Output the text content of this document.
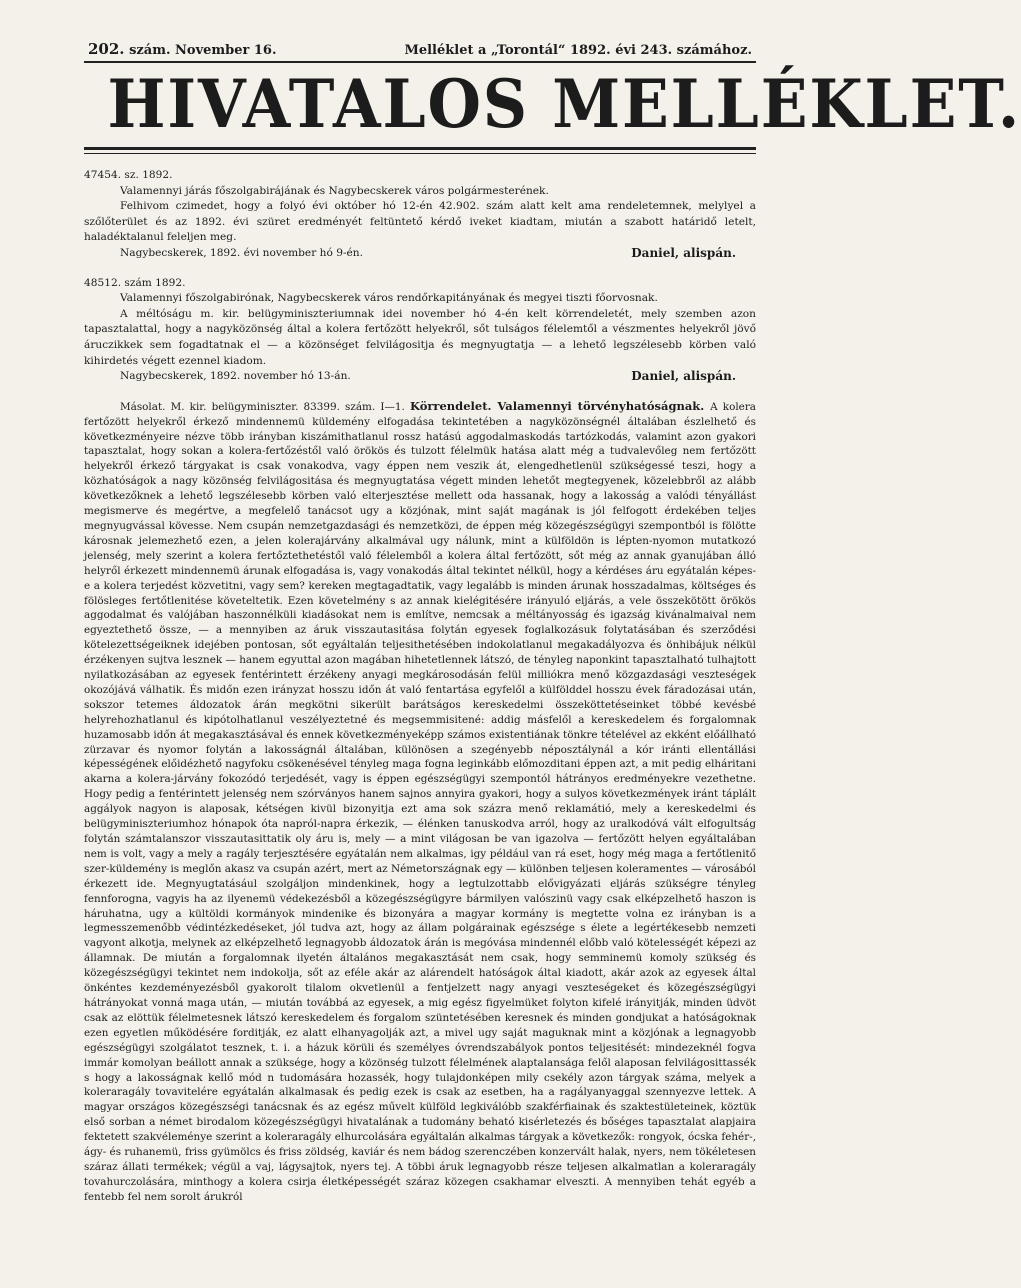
202. szám. November 16.	Melléklet a „Torontál“ 1892. évi 243. számához.
HIVATALOS MELLÉKLET.
47454. sz. 1892.
Valamennyi járás főszolgabirájának és Nagybecskerek város polgármesterének.
Felhivom czimedet, hogy a folyó évi október hó 12-én 42.902. szám alatt kelt ama rendeletemnek, melylyel a szőlőterület és az 1892. évi szüret eredményét feltüntető kérdő iveket kiadtam, miután a szabott határidő letelt, haladéktalanul feleljen meg.
Nagybecskerek, 1892. évi november hó 9-én.	Daniel, alispán.
48512. szám 1892.
Valamennyi főszolgabirónak, Nagybecskerek város rendőrkapitányának és megyei tiszti főorvosnak.
A méltóságu m. kir. belügyminiszteriumnak idei november hó 4-én kelt körrendeletét, mely szemben azon tapasztalattal, hogy a nagyközönség által a kolera fertőzött helyekről, sőt tulságos félelemtől a vészmentes helyekről jövő áruczikkek sem fogadtatnak el — a közönséget felvilágositja és megnyugtatja — a lehető legszélesebb körben való kihirdetés végett ezennel kiadom.
Nagybecskerek, 1892. november hó 13-án.	Daniel, alispán.
Másolat. M. kir. belügyminiszter. 83399. szám. I—1. Körrendelet. Valamennyi törvényhatóságnak. A kolera fertőzött helyekről érkező mindennemü küldemény elfogadása tekintetében a nagyközönségnél általában észlelhető és következményeire nézve több irányban kiszámithatlanul rossz hatású aggodalmaskodás tartózkodás, valamint azon gyakori tapasztalat, hogy sokan a kolera-fertőzéstől való örökös és tulzott félelmük hatása alatt még a tudvalevőleg nem fertőzött helyekről érkező tárgyakat is csak vonakodva, vagy éppen nem veszik át, elengedhetlenül szükségessé teszi, hogy a közhatóságok a nagy közönség felvilágositása és megnyugtatása végett minden lehetőt megtegyenek, közelebbről az alább következőknek a lehető legszélesebb körben való elterjesztése mellett oda hassanak, hogy a lakosság a valódi tényállást megismerve és megértve, a megfelelő tanácsot ugy a közjónak, mint saját magának is jól felfogott érdekében teljes megnyugvással kövesse. Nem csupán nemzetgazdasági és nemzetközi, de éppen még közegészségügyi szempontból is fölötte károsnak jelemezhető ezen, a jelen kolerajárvány alkalmával ugy nálunk, mint a külföldön is lépten-nyomon mutatkozó jelenség, mely szerint a kolera fertőztethetéstől való félelemből a kolera által fertőzött, sőt még az annak gyanujában álló helyről érkezett mindennemü árunak elfogadása is, vagy vonakodás által tekintet nélkül, hogy a kérdéses áru egyátalán képes-e a kolera terjedést közvetitni, vagy sem? kereken megtagadtatik, vagy legalább is minden árunak hosszadalmas, költséges és fölösleges fertőtlenitése követeltetik. Ezen követelmény s az annak kielégitésére irányuló eljárás, a vele összekötött örökös aggodalmat és valójában haszonnélküli kiadásokat nem is említve, nemcsak a méltányosság és igazság kivánalmaival nem egyeztethető össze, — a mennyiben az áruk visszautasitása folytán egyesek foglalkozásuk folytatásában és szerződési kötelezettségeiknek idejében pontosan, sőt egyáltalán teljesithetésében indokolatlanul megakadályozva és önhibájuk nélkül érzékenyen sujtva lesznek — hanem egyuttal azon magában hihetetlennek látszó, de tényleg naponkint tapasztalható tulhajtott nyilatkozásában az egyesek fentérintett érzékeny anyagi megkárosodásán felül milliókra menő közgazdasági veszteségek okozójává válhatik. És midőn ezen irányzat hosszu időn át való fentartása egyfelől a külfölddel hosszu évek fáradozásai után, sokszor tetemes áldozatok árán megkötni sikerült barátságos kereskedelmi összeköttetéseinket többé kevésbé helyrehozhatlanul és kipótolhatlanul veszélyeztetné és megsemmisitené: addig másfelől a kereskedelem és forgalomnak huzamosabb időn át megakasztásával és ennek következményeképp számos existentiának tönkre tételével az ekként előállható zürzavar és nyomor folytán a lakosságnál általában, különösen a szegényebb néposztálynál a kór iránti ellentállási képességének előidézhető nagyfoku csökenésével tényleg maga fogna leginkább előmozditani éppen azt, a mit pedig elháritani akarna a kolera-járvány fokozódó terjedését, vagy is éppen egészségügyi szempontól hátrányos eredményekre vezethetne. Hogy pedig a fentérintett jelenség nem szórványos hanem sajnos annyira gyakori, hogy a sulyos következmények iránt táplált aggályok nagyon is alaposak, kétségen kivül bizonyitja ezt ama sok százra menő reklamátió, mely a kereskedelmi és belügyminiszteriumhoz hónapok óta napról-napra érkezik, — élénken tanuskodva arról, hogy az uralkodóvá vált elfogultság folytán számtalanszor visszautasittatik oly áru is, mely — a mint világosan be van igazolva — fertőzött helyen egyáltalában nem is volt, vagy a mely a ragály terjesztésére egyátalán nem alkalmas, igy például van rá eset, hogy még maga a fertőtlenitő szer-küldemény is meglőn akasz va csupán azért, mert az Németországnak egy — különben teljesen koleramentes — városából érkezett ide. Megnyugtatásául szolgáljon mindenkinek, hogy a legtulzottabb elővigyázati eljárás szükségre tényleg fennforogna, vagyis ha az ilyenemü védekezésből a közegészségügyre bármilyen valószinü vagy csak elképzelhető haszon is háruhatna, ugy a kültöldi kormányok mindenike és bizonyára a magyar kormány is megtette volna ez irányban is a legmesszemenőbb védintézkedéseket, jól tudva azt, hogy az állam polgárainak egészsége s élete a legértékesebb nemzeti vagyont alkotja, melynek az elképzelhető legnagyobb áldozatok árán is megóvása mindennél előbb való kötelességét képezi az államnak. De miután a forgalomnak ilyetén általános megakasztását nem csak, hogy semminemü komoly szükség és közegészségügyi tekintet nem indokolja, sőt az eféle akár az alárendelt hatóságok által kiadott, akár azok az egyesek által önkéntes kezdeményezésből gyakorolt tilalom okvetlenül a fentjelzett nagy anyagi veszteségeket és közegészségügyi hátrányokat vonná maga után, — miután továbbá az egyesek, a mig egész figyelmüket folyton kifelé irányitják, minden üdvöt csak az elöttük félelmetesnek látszó kereskedelem és forgalom szüntetésében keresnek és minden gondjukat a hatóságoknak ezen egyetlen működésére forditják, ez alatt elhanyagolják azt, a mivel ugy saját maguknak mint a közjónak a legnagyobb egészségügyi szolgálatot tesznek, t. i. a házuk körüli és személyes óvrendszabályok pontos teljesitését: mindezeknél fogva immár komolyan beállott annak a szüksége, hogy a közönség tulzott félelmének alaptalansága felől alaposan felvilágosittassék s hogy a lakosságnak kellő mód n tudomására hozassék, hogy tulajdonképen mily csekély azon tárgyak száma, melyek a koleraragály tovavitelére egyátalán alkalmasak és pedig ezek is csak az esetben, ha a ragályanyaggal szennyezve lettek. A magyar országos közegészségi tanácsnak és az egész művelt külföld legkiválóbb szakférfiainak és szaktestületeinek, köztük első sorban a német birodalom közegészségügyi hivatalának a tudomány beható kisérletezés és bőséges tapasztalat alapjaira fektetett szakvéleménye szerint a koleraragály elhurcolására egyáltalán alkalmas tárgyak a következők: rongyok, ócska fehér-, ágy- és ruhanemü, friss gyümölcs és friss zöldség, kaviár és nem bádog szerenczében konzervált halak, nyers, nem tökéletesen száraz állati termékek; végül a vaj, lágysajtok, nyers tej. A többi áruk legnagyobb része teljesen alkalmatlan a koleraragály tovahurczolására, minthogy a kolera csirja életképességét száraz közegen csakhamar elveszti. A mennyiben tehát egyéb a fentebb fel nem sorolt árukról
